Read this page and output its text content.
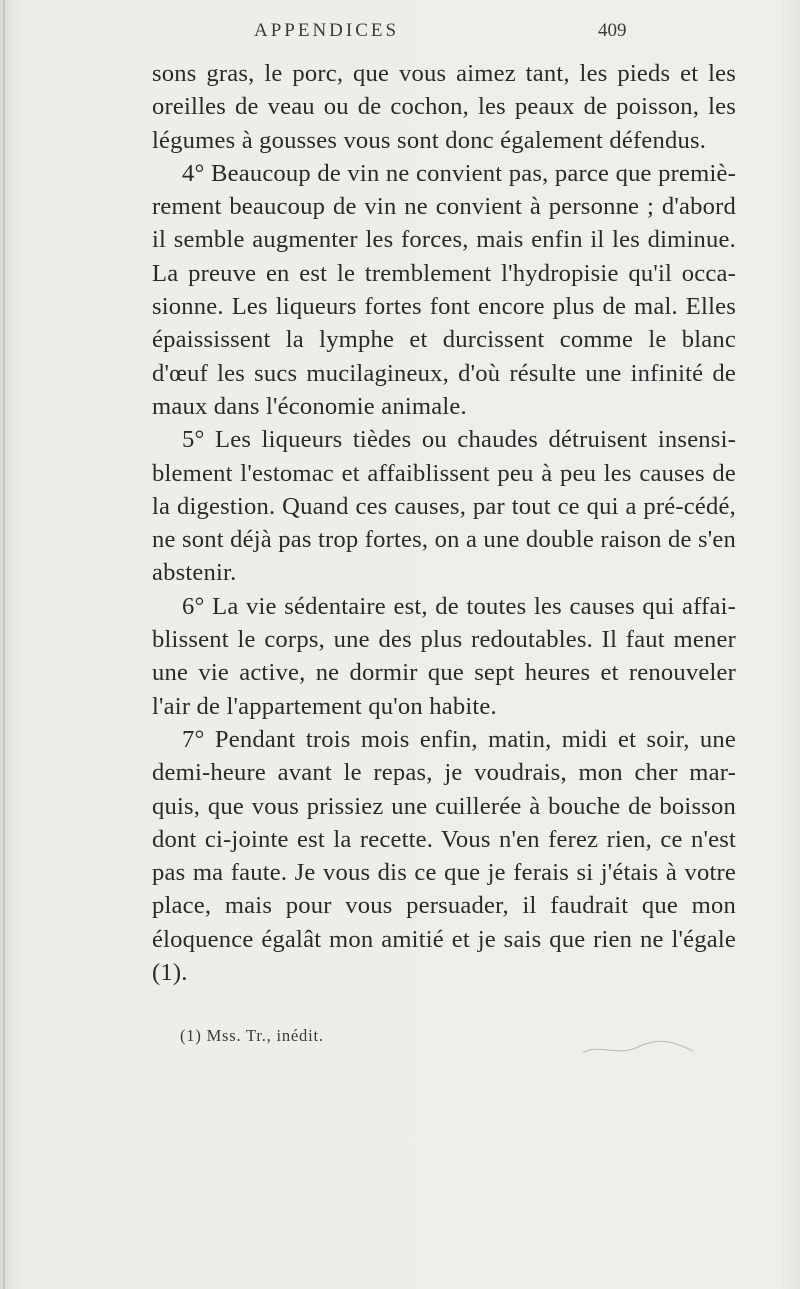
APPENDICES	409

sons gras, le porc, que vous aimez tant, les pieds et les oreilles de veau ou de cochon, les peaux de poisson, les légumes à gousses vous sont donc également défendus.

4° Beaucoup de vin ne convient pas, parce que premiè-rement beaucoup de vin ne convient à personne ; d'abord il semble augmenter les forces, mais enfin il les diminue. La preuve en est le tremblement l'hydropisie qu'il occa-sionne. Les liqueurs fortes font encore plus de mal. Elles épaississent la lymphe et durcissent comme le blanc d'œuf les sucs mucilagineux, d'où résulte une infinité de maux dans l'économie animale.

5° Les liqueurs tièdes ou chaudes détruisent insensi-blement l'estomac et affaiblissent peu à peu les causes de la digestion. Quand ces causes, par tout ce qui a pré-cédé, ne sont déjà pas trop fortes, on a une double raison de s'en abstenir.

6° La vie sédentaire est, de toutes les causes qui affai-blissent le corps, une des plus redoutables. Il faut mener une vie active, ne dormir que sept heures et renouveler l'air de l'appartement qu'on habite.

7° Pendant trois mois enfin, matin, midi et soir, une demi-heure avant le repas, je voudrais, mon cher mar-quis, que vous prissiez une cuillerée à bouche de boisson dont ci-jointe est la recette. Vous n'en ferez rien, ce n'est pas ma faute. Je vous dis ce que je ferais si j'étais à votre place, mais pour vous persuader, il faudrait que mon éloquence égalât mon amitié et je sais que rien ne l'égale (1).

(1) Mss. Tr., inédit.
